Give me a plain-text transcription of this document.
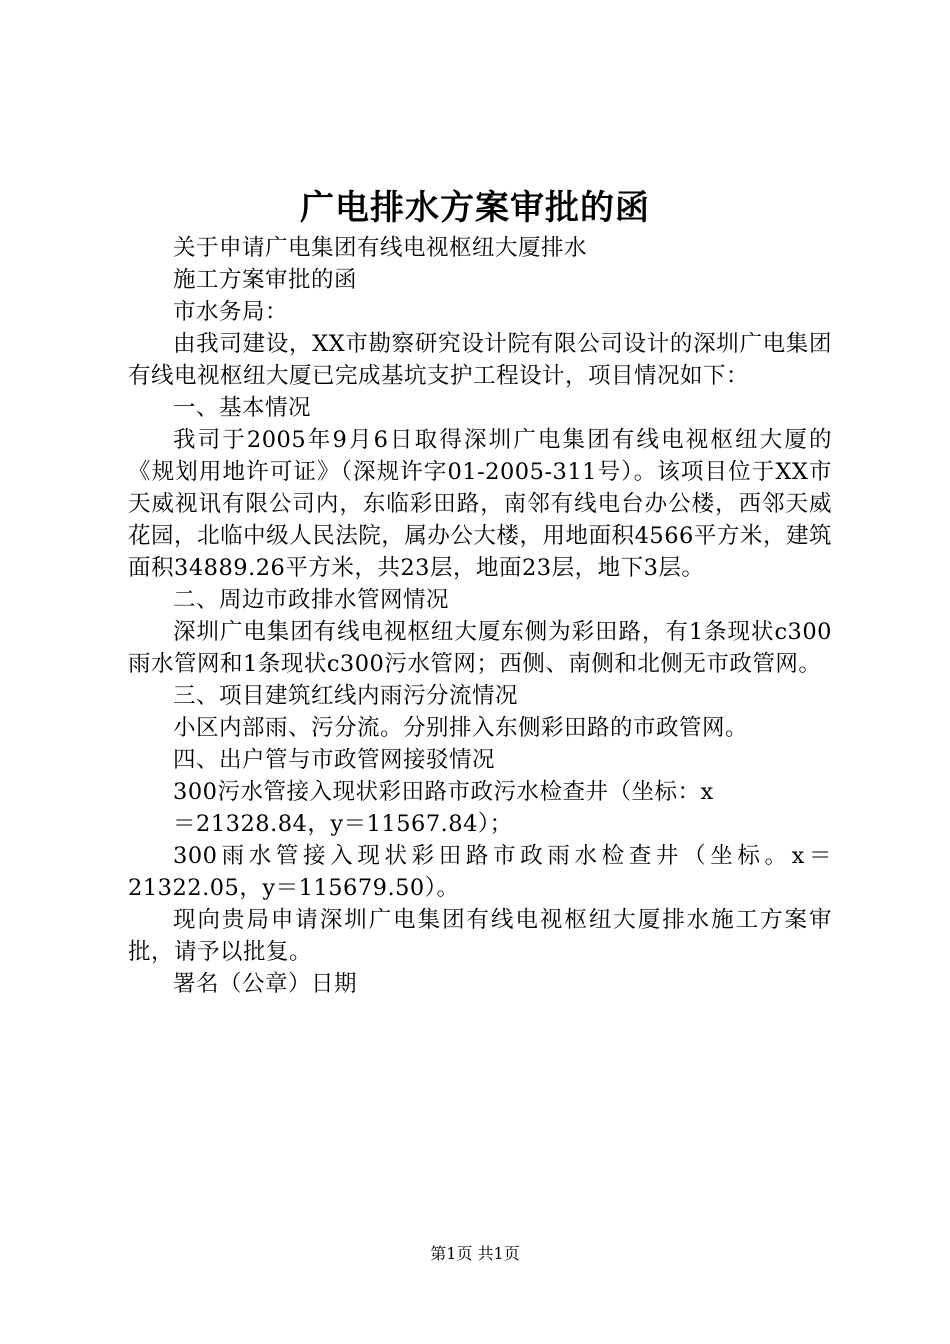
广电排水方案审批的函

关于申请广电集团有线电视枢纽大厦排水

施工方案审批的函

市水务局：

由我司建设，XX市勘察研究设计院有限公司设计的深圳广电集团有线电视枢纽大厦已完成基坑支护工程设计，项目情况如下：

一、基本情况

我司于2005年9月6日取得深圳广电集团有线电视枢纽大厦的《规划用地许可证》（深规许字01-2005-311号）。该项目位于XX市天威视讯有限公司内，东临彩田路，南邻有线电台办公楼，西邻天威花园，北临中级人民法院，属办公大楼，用地面积4566平方米，建筑面积34889.26平方米，共23层，地面23层，地下3层。

二、周边市政排水管网情况

深圳广电集团有线电视枢纽大厦东侧为彩田路，有1条现状c300雨水管网和1条现状c300污水管网；西侧、南侧和北侧无市政管网。

三、项目建筑红线内雨污分流情况

小区内部雨、污分流。分别排入东侧彩田路的市政管网。

四、出户管与市政管网接驳情况

300污水管接入现状彩田路市政污水检查井（坐标：x

＝21328.84，y＝11567.84）；

300雨水管接入现状彩田路市政雨水检查井（坐标。x＝21322.05，y＝115679.50）。

现向贵局申请深圳广电集团有线电视枢纽大厦排水施工方案审批，请予以批复。

署名（公章）日期

第1页 共1页
